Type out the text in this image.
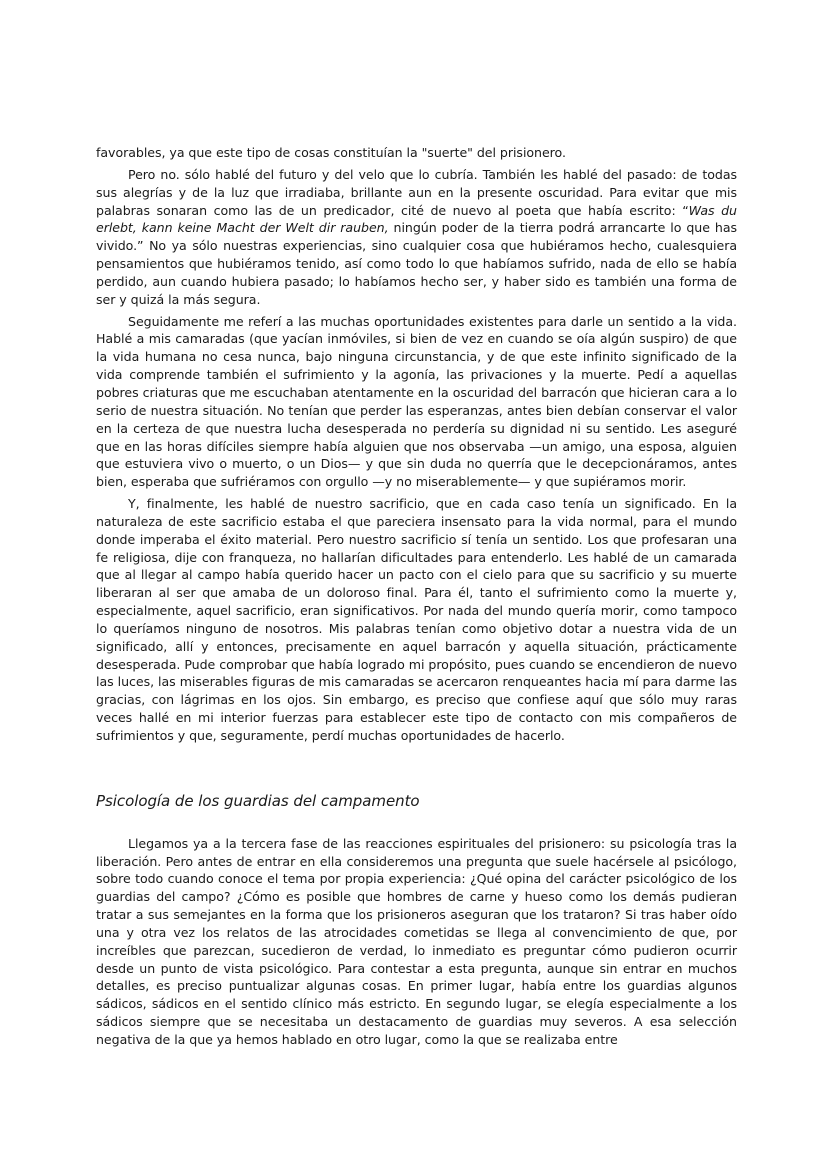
favorables, ya que este tipo de cosas constituían la "suerte" del prisionero.

Pero no. sólo hablé del futuro y del velo que lo cubría. También les hablé del pasado: de todas sus alegrías y de la luz que irradiaba, brillante aun en la presente oscuridad. Para evitar que mis palabras sonaran como las de un predicador, cité de nuevo al poeta que había escrito: “Was du erlebt, kann keine Macht der Welt dir rauben, ningún poder de la tierra podrá arrancarte lo que has vivido.” No ya sólo nuestras experiencias, sino cualquier cosa que hubiéramos hecho, cualesquiera pensamientos que hubiéramos tenido, así como todo lo que habíamos sufrido, nada de ello se había perdido, aun cuando hubiera pasado; lo habíamos hecho ser, y haber sido es también una forma de ser y quizá la más segura.

Seguidamente me referí a las muchas oportunidades existentes para darle un sentido a la vida. Hablé a mis camaradas (que yacían inmóviles, si bien de vez en cuando se oía algún suspiro) de que la vida humana no cesa nunca, bajo ninguna circunstancia, y de que este infinito significado de la vida comprende también el sufrimiento y la agonía, las privaciones y la muerte. Pedí a aquellas pobres criaturas que me escuchaban atentamente en la oscuridad del barracón que hicieran cara a lo serio de nuestra situación. No tenían que perder las esperanzas, antes bien debían conservar el valor en la certeza de que nuestra lucha desesperada no perdería su dignidad ni su sentido. Les aseguré que en las horas difíciles siempre había alguien que nos observaba —un amigo, una esposa, alguien que estuviera vivo o muerto, o un Dios— y que sin duda no querría que le decepcionáramos, antes bien, esperaba que sufriéramos con orgullo —y no miserablemente— y que supiéramos morir.

Y, finalmente, les hablé de nuestro sacrificio, que en cada caso tenía un significado. En la naturaleza de este sacrificio estaba el que pareciera insensato para la vida normal, para el mundo donde imperaba el éxito material. Pero nuestro sacrificio sí tenía un sentido. Los que profesaran una fe religiosa, dije con franqueza, no hallarían dificultades para entenderlo. Les hablé de un camarada que al llegar al campo había querido hacer un pacto con el cielo para que su sacrificio y su muerte liberaran al ser que amaba de un doloroso final. Para él, tanto el sufrimiento como la muerte y, especialmente, aquel sacrificio, eran significativos. Por nada del mundo quería morir, como tampoco lo queríamos ninguno de nosotros. Mis palabras tenían como objetivo dotar a nuestra vida de un significado, allí y entonces, precisamente en aquel barracón y aquella situación, prácticamente desesperada. Pude comprobar que había logrado mi propósito, pues cuando se encendieron de nuevo las luces, las miserables figuras de mis camaradas se acercaron renqueantes hacia mí para darme las gracias, con lágrimas en los ojos. Sin embargo, es preciso que confiese aquí que sólo muy raras veces hallé en mi interior fuerzas para establecer este tipo de contacto con mis compañeros de sufrimientos y que, seguramente, perdí muchas oportunidades de hacerlo.

Psicología de los guardias del campamento

Llegamos ya a la tercera fase de las reacciones espirituales del prisionero: su psicología tras la liberación. Pero antes de entrar en ella consideremos una pregunta que suele hacérsele al psicólogo, sobre todo cuando conoce el tema por propia experiencia: ¿Qué opina del carácter psicológico de los guardias del campo? ¿Cómo es posible que hombres de carne y hueso como los demás pudieran tratar a sus semejantes en la forma que los prisioneros aseguran que los trataron? Si tras haber oído una y otra vez los relatos de las atrocidades cometidas se llega al convencimiento de que, por increíbles que parezcan, sucedieron de verdad, lo inmediato es preguntar cómo pudieron ocurrir desde un punto de vista psicológico. Para contestar a esta pregunta, aunque sin entrar en muchos detalles, es preciso puntualizar algunas cosas. En primer lugar, había entre los guardias algunos sádicos, sádicos en el sentido clínico más estricto. En segundo lugar, se elegía especialmente a los sádicos siempre que se necesitaba un destacamento de guardias muy severos. A esa selección negativa de la que ya hemos hablado en otro lugar, como la que se realizaba entre
